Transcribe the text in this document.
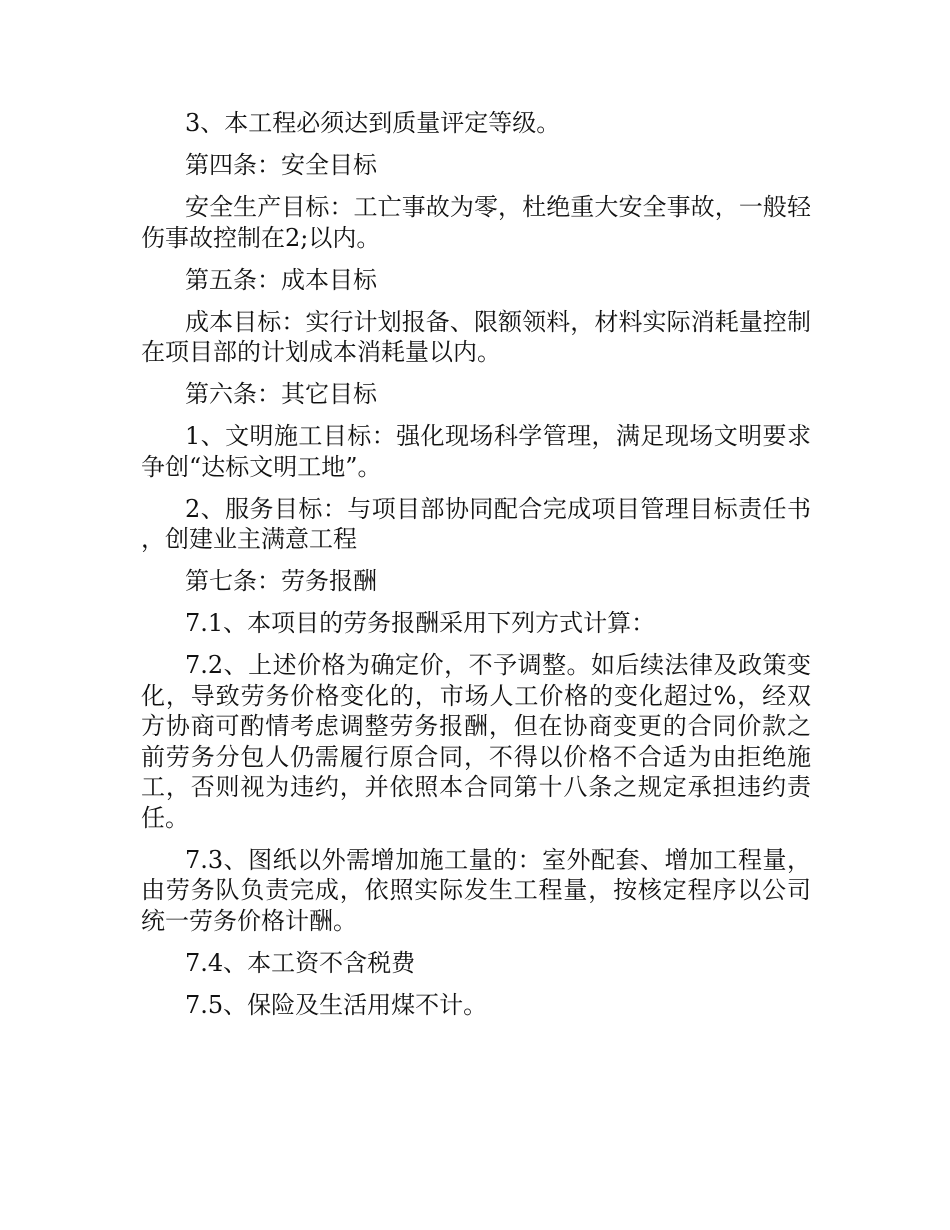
3、本工程必须达到质量评定等级。

第四条：安全目标

安全生产目标：工亡事故为零，杜绝重大安全事故，一般轻伤事故控制在2;以内。

第五条：成本目标

成本目标：实行计划报备、限额领料，材料实际消耗量控制在项目部的计划成本消耗量以内。

第六条：其它目标

1、文明施工目标：强化现场科学管理，满足现场文明要求争创“达标文明工地”。

2、服务目标：与项目部协同配合完成项目管理目标责任书，创建业主满意工程

第七条：劳务报酬

7.1、本项目的劳务报酬采用下列方式计算：

7.2、上述价格为确定价，不予调整。如后续法律及政策变化，导致劳务价格变化的，市场人工价格的变化超过%，经双方协商可酌情考虑调整劳务报酬，但在协商变更的合同价款之前劳务分包人仍需履行原合同，不得以价格不合适为由拒绝施工，否则视为违约，并依照本合同第十八条之规定承担违约责任。

7.3、图纸以外需增加施工量的：室外配套、增加工程量，由劳务队负责完成，依照实际发生工程量，按核定程序以公司统一劳务价格计酬。

7.4、本工资不含税费

7.5、保险及生活用煤不计。
